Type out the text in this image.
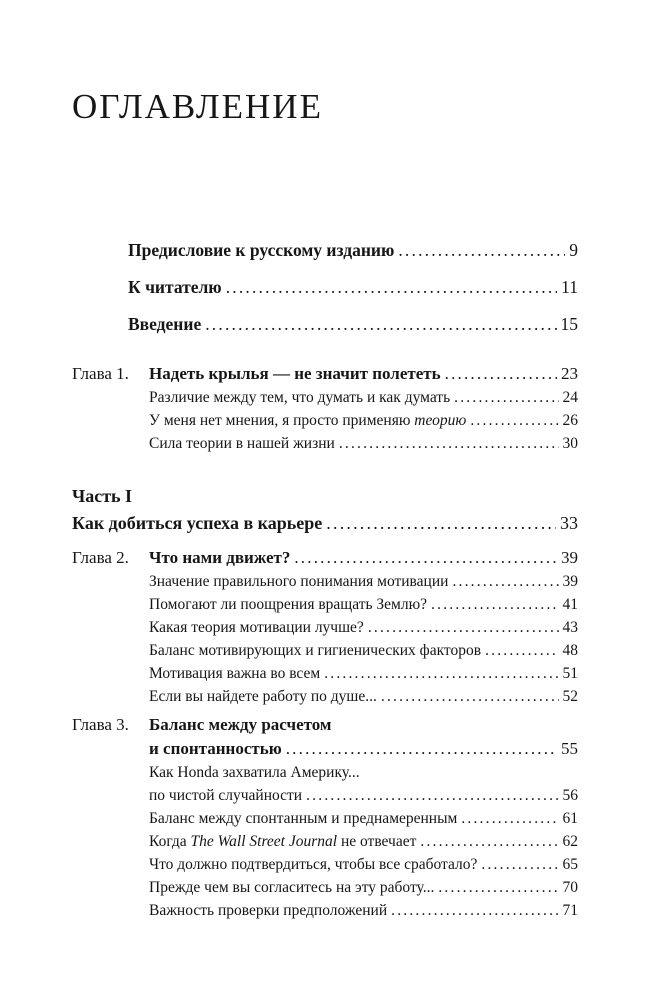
ОГЛАВЛЕНИЕ
Предисловие к русскому изданию .....	9
К читателю .....	11
Введение .....	15
Глава 1.	Надеть крылья — не значит полететь .....	23
Различие между тем, что думать и как думать .....	24
У меня нет мнения, я просто применяю теорию .....	26
Сила теории в нашей жизни .....	30
Часть I
Как добиться успеха в карьере .....	33
Глава 2.	Что нами движет? .....	39
Значение правильного понимания мотивации .....	39
Помогают ли поощрения вращать Землю? .....	41
Какая теория мотивации лучше? .....	43
Баланс мотивирующих и гигиенических факторов .....	48
Мотивация важна во всем .....	51
Если вы найдете работу по душе... .....	52
Глава 3.	Баланс между расчетом
и спонтанностью .....	55
Как Honda захватила Америку...
по чистой случайности .....	56
Баланс между спонтанным и преднамеренным .....	61
Когда The Wall Street Journal не отвечает .....	62
Что должно подтвердиться, чтобы все сработало? .....	65
Прежде чем вы согласитесь на эту работу... .....	70
Важность проверки предположений .....	71
